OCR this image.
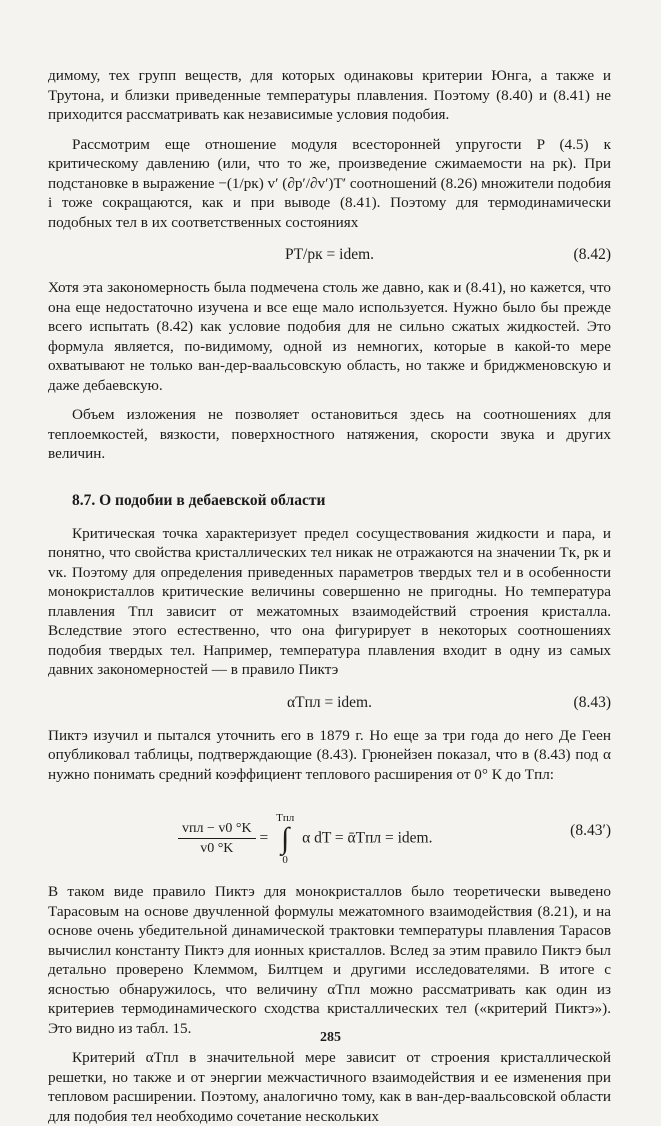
димому, тех групп веществ, для которых одинаковы критерии Юнга, а также и Трутона, и близки приведенные температуры плавления. Поэтому (8.40) и (8.41) не приходится рассматривать как независимые условия подобия.

Рассмотрим еще отношение модуля всесторонней упругости P (4.5) к критическому давлению (или, что то же, произведение сжимаемости на pк). При подстановке в выражение −(1/pк) v′ (∂p′/∂v′)T′ соотношений (8.26) множители подобия i тоже сокращаются, как и при выводе (8.41). Поэтому для термодинамически подобных тел в их соответственных состояниях

PT/pк = idem.	(8.42)

Хотя эта закономерность была подмечена столь же давно, как и (8.41), но кажется, что она еще недостаточно изучена и все еще мало используется. Нужно было бы прежде всего испытать (8.42) как условие подобия для не сильно сжатых жидкостей. Это формула является, по-видимому, одной из немногих, которые в какой-то мере охватывают не только ван-дер-ваальсовскую область, но также и бриджменовскую и даже дебаевскую.

Объем изложения не позволяет остановиться здесь на соотношениях для теплоемкостей, вязкости, поверхностного натяжения, скорости звука и других величин.

8.7. О подобии в дебаевской области

Критическая точка характеризует предел сосуществования жидкости и пара, и понятно, что свойства кристаллических тел никак не отражаются на значении Tк, pк и vк. Поэтому для определения приведенных параметров твердых тел и в особенности монокристаллов критические величины совершенно не пригодны. Но температура плавления Tпл зависит от межатомных взаимодействий строения кристалла. Вследствие этого естественно, что она фигурирует в некоторых соотношениях подобия твердых тел. Например, температура плавления входит в одну из самых давних закономерностей — в правило Пиктэ

αTпл = idem.	(8.43)

Пиктэ изучил и пытался уточнить его в 1879 г. Но еще за три года до него Де Геен опубликовал таблицы, подтверждающие (8.43). Грюнейзен показал, что в (8.43) под α нужно понимать средний коэффициент теплового расширения от 0° К до Tпл:

$\frac{\text{vпл − v0 °K}}{v0 ^\circ K}$ =
Tпл
∫
0
α dT = ᾱTпл = idem.	(8.43′)

В таком виде правило Пиктэ для монокристаллов было теоретически выведено Тарасовым на основе двучленной формулы межатомного взаимодействия (8.21), и на основе очень убедительной динамической трактовки температуры плавления Тарасов вычислил константу Пиктэ для ионных кристаллов. Вслед за этим правило Пиктэ был детально проверено Клеммом, Билтцем и другими исследователями. В итоге с ясностью обнаружилось, что величину αTпл можно рассматривать как один из критериев термодинамического сходства кристаллических тел («критерий Пиктэ»). Это видно из табл. 15.

Критерий αTпл в значительной мере зависит от строения кристаллической решетки, но также и от энергии межчастичного взаимодействия и ее изменения при тепловом расширении. Поэтому, аналогично тому, как в ван-дер-ваальсовской области для подобия тел необходимо сочетание нескольких

285
